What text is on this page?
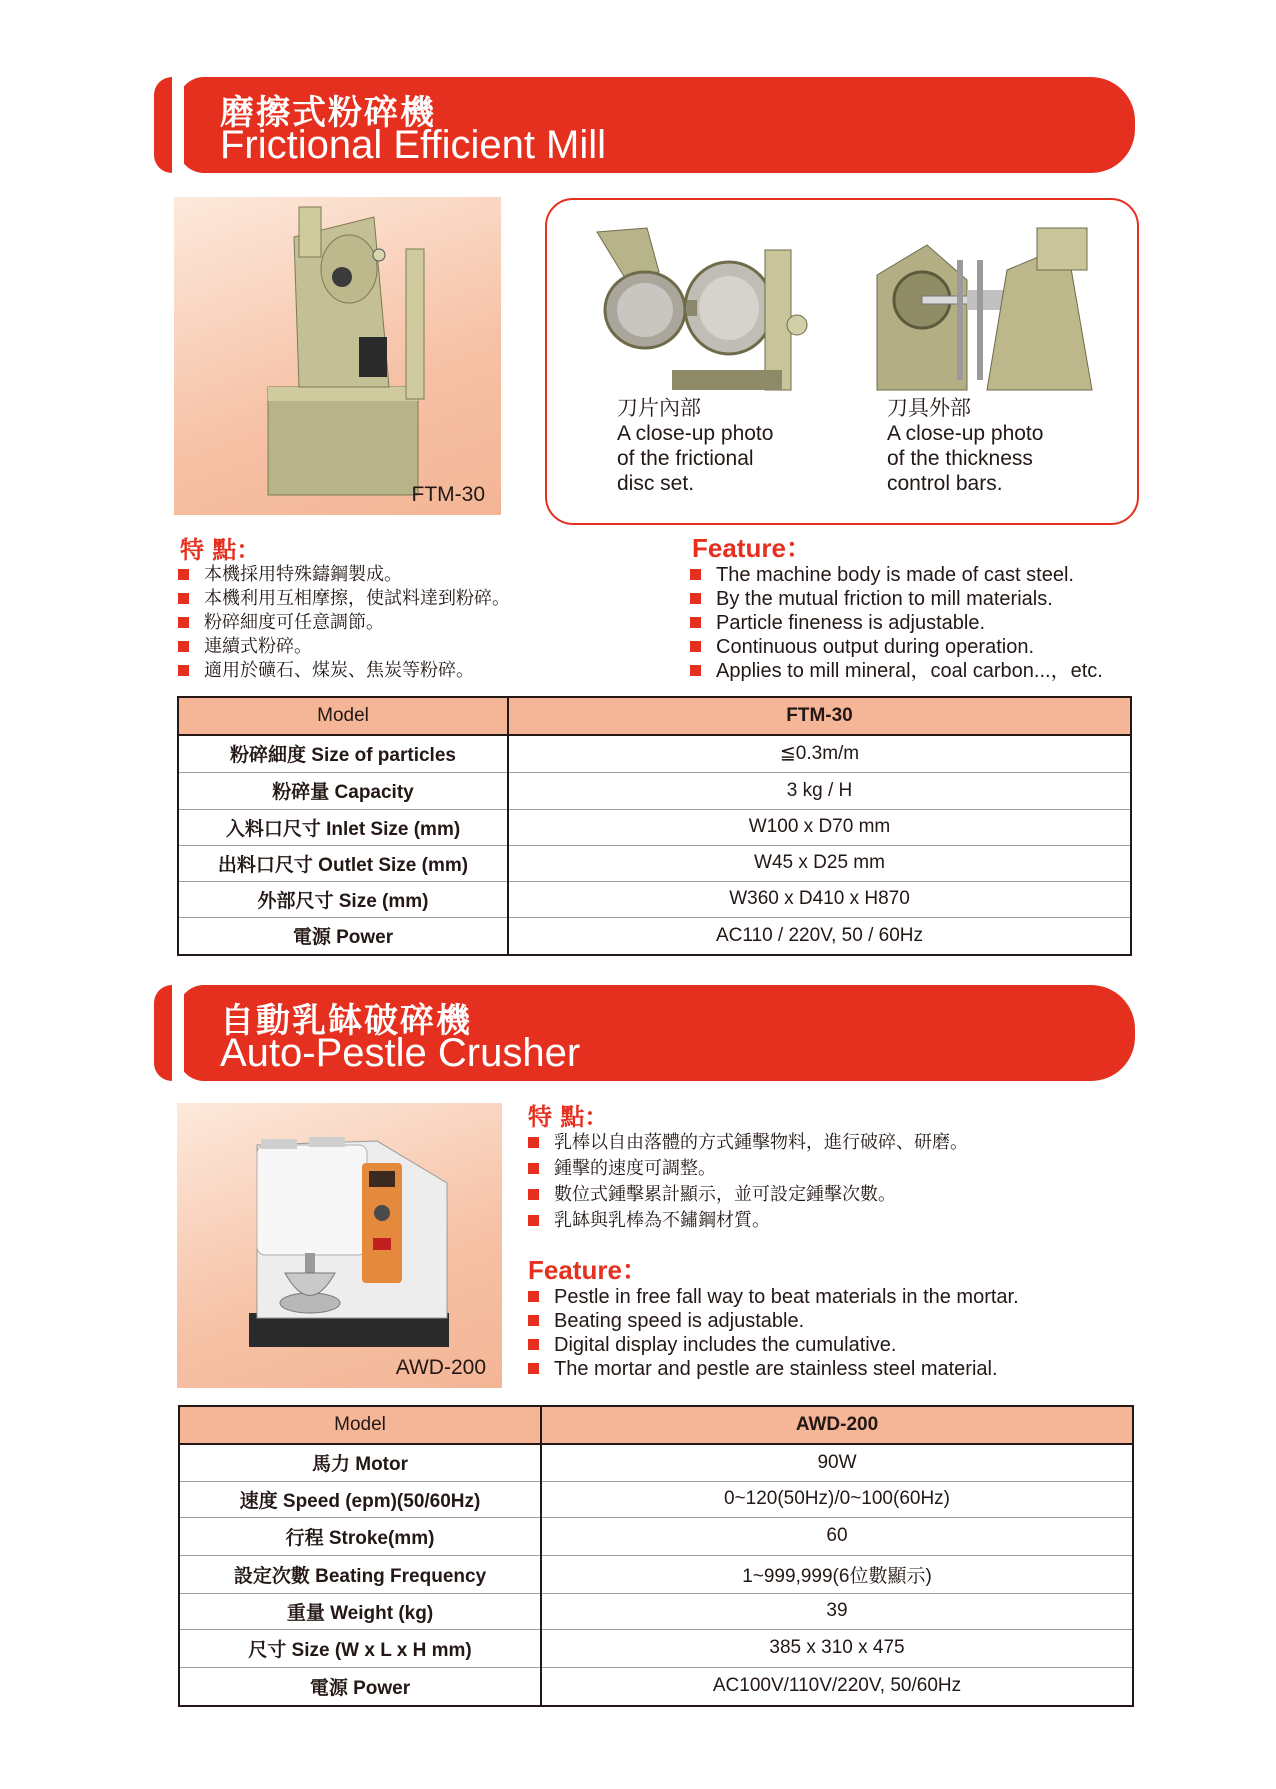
磨擦式粉碎機
Frictional Efficient Mill
FTM-30
刀片內部
A close-up photo
of the frictional
disc set.
刀具外部
A close-up photo
of the thickness
control bars.
特 點：
本機採用特殊鑄鋼製成。
本機利用互相摩擦，使試料達到粉碎。
粉碎細度可任意調節。
連續式粉碎。
適用於礦石、煤炭、焦炭等粉碎。
Feature：
The machine body is made of cast steel.
By the mutual friction to mill materials.
Particle fineness is adjustable.
Continuous output during operation.
Applies to mill mineral，coal carbon...，etc.
Model	FTM-30
粉碎細度 Size of particles	≦0.3m/m
粉碎量 Capacity	3 kg / H
入料口尺寸 Inlet Size (mm)	W100 x D70 mm
出料口尺寸 Outlet Size (mm)	W45 x D25 mm
外部尺寸 Size (mm)	W360 x D410 x H870
電源 Power	AC110 / 220V, 50 / 60Hz
自動乳缽破碎機
Auto-Pestle Crusher
AWD-200
特 點：
乳棒以自由落體的方式鍾擊物料，進行破碎、研磨。
鍾擊的速度可調整。
數位式鍾擊累計顯示，並可設定鍾擊次數。
乳缽與乳棒為不鏽鋼材質。
Feature：
Pestle in free fall way to beat materials in the mortar.
Beating speed is adjustable.
Digital display includes the cumulative.
The mortar and pestle are stainless steel material.
Model	AWD-200
馬力 Motor	90W
速度 Speed (epm)(50/60Hz)	0~120(50Hz)/0~100(60Hz)
行程 Stroke(mm)	60
設定次數 Beating Frequency	1~999,999(6位數顯示)
重量 Weight (kg)	39
尺寸 Size (W x L x H mm)	385 x 310 x 475
電源 Power	AC100V/110V/220V, 50/60Hz
